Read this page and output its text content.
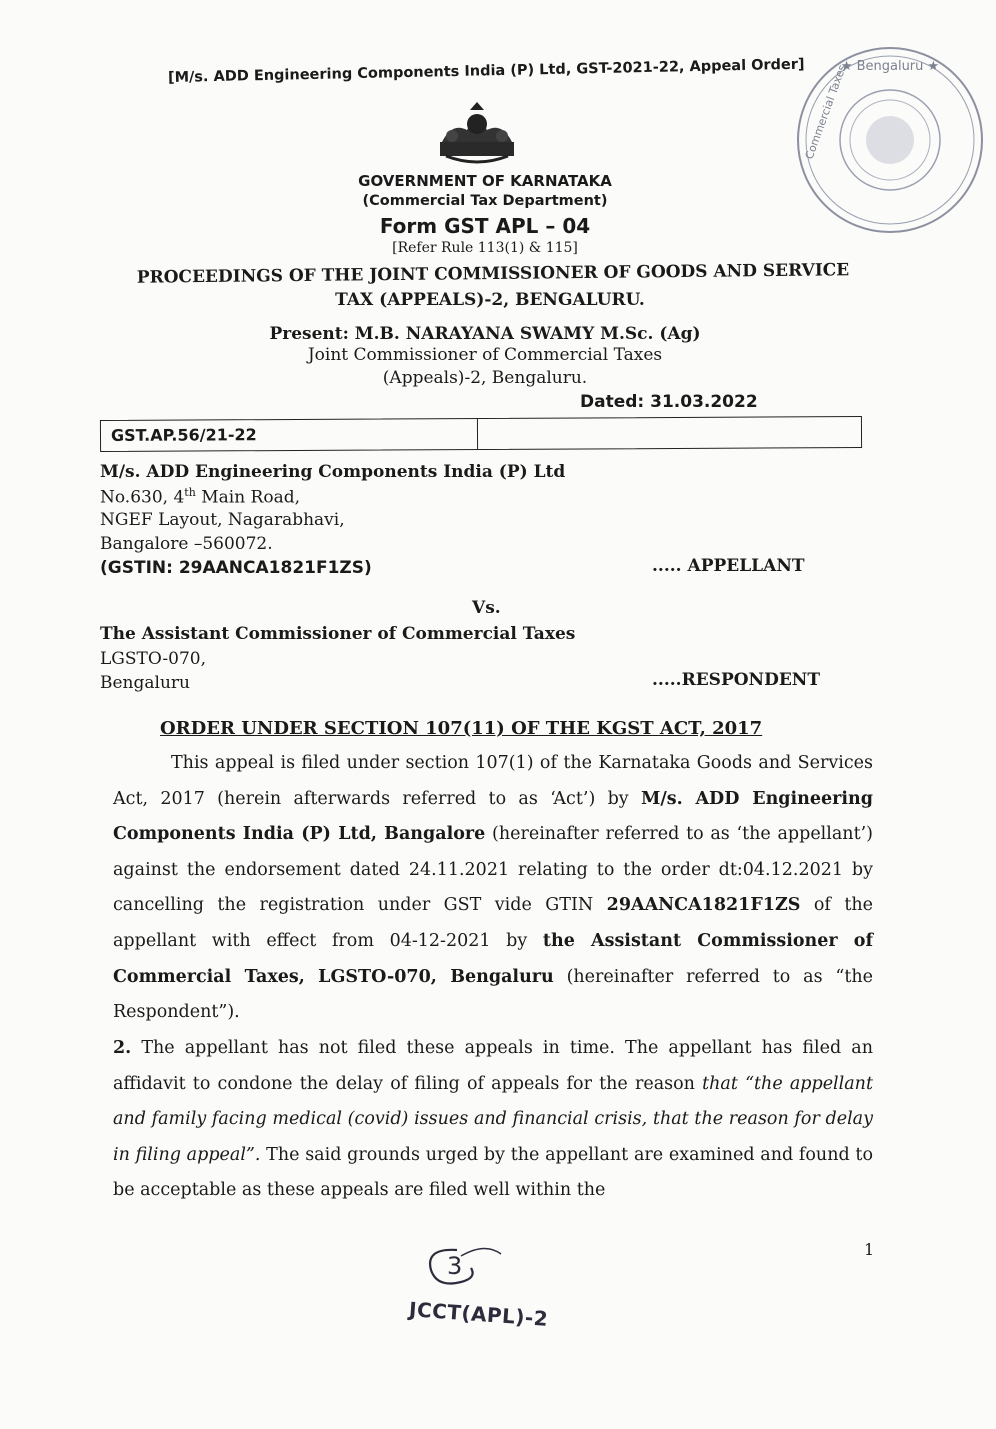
[M/s. ADD Engineering Components India (P) Ltd, GST-2021-22, Appeal Order]	★ Bengaluru ★
Commercial Taxes
GOVERNMENT OF KARNATAKA
(Commercial Tax Department)
Form GST APL – 04
[Refer Rule 113(1) & 115]
PROCEEDINGS OF THE JOINT COMMISSIONER OF GOODS AND SERVICE
TAX (APPEALS)-2, BENGALURU.
Present: M.B. NARAYANA SWAMY M.Sc. (Ag)
Joint Commissioner of Commercial Taxes
(Appeals)-2, Bengaluru.
Dated: 31.03.2022
GST.AP.56/21-22
M/s. ADD Engineering Components India (P) Ltd
No.630, 4th Main Road,
NGEF Layout, Nagarabhavi,
Bangalore –560072.
(GSTIN: 29AANCA1821F1ZS)	..... APPELLANT
Vs.
The Assistant Commissioner of Commercial Taxes
LGSTO-070,
Bengaluru	.....RESPONDENT
ORDER UNDER SECTION 107(11) OF THE KGST ACT, 2017
This appeal is filed under section 107(1) of the Karnataka Goods and Services Act, 2017 (herein afterwards referred to as ‘Act’) by M/s. ADD Engineering Components India (P) Ltd, Bangalore (hereinafter referred to as ‘the appellant’) against the endorsement dated 24.11.2021 relating to the order dt:04.12.2021 by cancelling the registration under GST vide GTIN 29AANCA1821F1ZS of the appellant with effect from 04-12-2021 by the Assistant Commissioner of Commercial Taxes, LGSTO-070, Bengaluru (hereinafter referred to as “the Respondent”).
2. The appellant has not filed these appeals in time. The appellant has filed an affidavit to condone the delay of filing of appeals for the reason that “the appellant and family facing medical (covid) issues and financial crisis, that the reason for delay in filing appeal”. The said grounds urged by the appellant are examined and found to be acceptable as these appeals are filed well within the
1
3
JCCT(APL)-2
